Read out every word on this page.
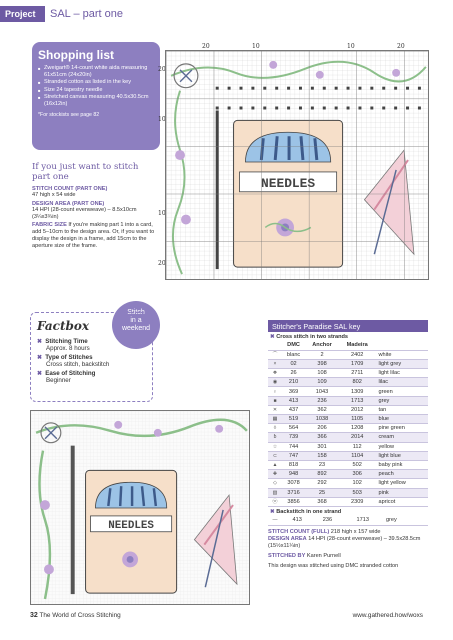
Project	SAL – part one
Shopping list
■ Zweigart® 14-count white aida measuring 61x51cm (24x20in)
■ Stranded cotton as listed in the key
■ Size 24 tapestry needle
■ Stretched canvas measuring 40.5x30.5cm (16x12in)
*For stockists see page 82
If you just want to stitch part one
STITCH COUNT (PART ONE)
47 high x 54 wide
DESIGN AREA (PART ONE)
14 HPI (28-count evenweave) – 8.5x10cm (3¼x3¾in)
FABRIC SIZE If you're making part 1 into a card, add 5–10cm to the design area. Or, if you want to display the design in a frame, add 15cm to the aperture size of the frame.
20	10	10	20
20
10
10
20
Stitch
in a
weekend
Factbox
✖ Stitching Time
Approx. 8 hours
✖ Type of Stitches
Cross stitch, backstitch
✖ Ease of Stitching
Beginner
NEEDLES
Stitcher's Paradise SAL key
✖ Cross stitch in two strands
	DMC	Anchor	Madeira	
⌒	blanc	2	2402	white
×	02	398	1709	light grey
❖	26	108	2711	light lilac
◉	210	109	802	lilac
♀	369	1043	1309	green
■	413	236	1713	grey
✕	437	362	2012	tan
▦	519	1038	1105	blue
◊	564	206	1208	pine green
ɓ	739	366	2014	cream
☆	744	301	112	yellow
⊂	747	158	1104	light blue
▲	818	23	502	baby pink
✚	948	892	306	peach
◇	3078	292	102	light yellow
▧	3716	25	503	pink
ⓦ	3856	368	2309	apricot
✖ Backstitch in one strand
—	413	236	1713	grey
STITCH COUNT (FULL) 218 high x 157 wide
DESIGN AREA 14 HPI (28-count evenweave) – 39.5x28.5cm (15½x11¼in)
STITCHED BY Karen Purnell
This design was stitched using DMC stranded cotton
32 The World of Cross Stitching	www.gathered.how/woxs
